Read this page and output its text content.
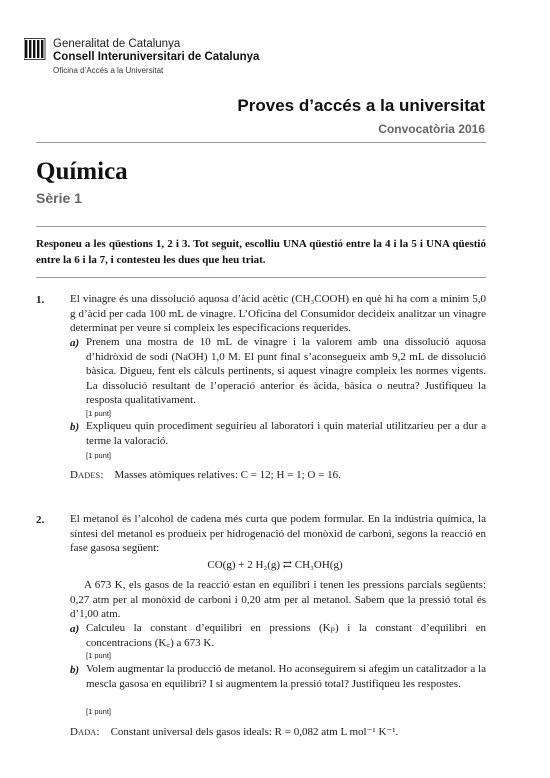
Generalitat de Catalunya
Consell Interuniversitari de Catalunya
Oficina d’Accés a la Universitat
Proves d’accés a la universitat
Convocatòria 2016
Química
Sèrie 1
Responeu a les qüestions 1, 2 i 3. Tot seguit, escolliu UNA qüestió entre la 4 i la 5 i UNA qüestió entre la 6 i la 7, i contesteu les dues que heu triat.
1. El vinagre és una dissolució aquosa d’àcid acètic (CH₃COOH) en què hi ha com a mínim 5,0 g d’àcid per cada 100 mL de vinagre. L’Oficina del Consumidor decideix analitzar un vinagre determinat per veure si compleix les especificacions requerides.
a) Prenem una mostra de 10 mL de vinagre i la valorem amb una dissolució aquosa d’hidròxid de sodi (NaOH) 1,0 M. El punt final s’aconsegueix amb 9,2 mL de dissolució bàsica. Digueu, fent els càlculs pertinents, si aquest vinagre compleix les normes vigents. La dissolució resultant de l’operació anterior és àcida, bàsica o neutra? Justifiqueu la resposta qualitativament.
[1 punt]
b) Expliqueu quin procediment seguiríeu al laboratori i quin material utilitzaríeu per a dur a terme la valoració.
[1 punt]
Dades: Masses atòmiques relatives: C = 12; H = 1; O = 16.
2. El metanol és l’alcohol de cadena més curta que podem formular. En la indústria química, la síntesi del metanol es produeix per hidrogenació del monòxid de carboni, segons la reacció en fase gasosa següent:
CO(g) + 2 H₂(g) ⇄ CH₃OH(g)
A 673 K, els gasos de la reacció estan en equilibri i tenen les pressions parcials següents: 0,27 atm per al monòxid de carboni i 0,20 atm per al metanol. Sabem que la pressió total és d’1,00 atm.
a) Calculeu la constant d’equilibri en pressions (Kₚ) i la constant d’equilibri en concentracions (K꜀) a 673 K.
[1 punt]
b) Volem augmentar la producció de metanol. Ho aconseguirem si afegim un catalitzador a la mescla gasosa en equilibri? I si augmentem la pressió total? Justifiqueu les respostes.
[1 punt]
Dada: Constant universal dels gasos ideals: R = 0,082 atm L mol⁻¹ K⁻¹.
